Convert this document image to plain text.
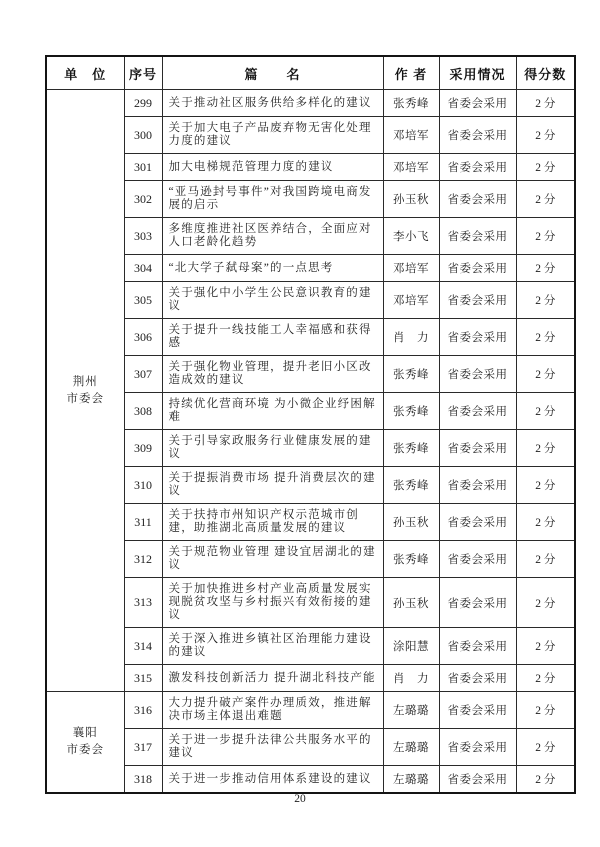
单　位	序号	篇　　名	作 者	采用情况	得分数
荆州
市委会	299	关于推动社区服务供给多样化的建议	张秀峰	省委会采用	2 分
	300	关于加大电子产品废弃物无害化处理力度的建议	邓培军	省委会采用	2 分
	301	加大电梯规范管理力度的建议	邓培军	省委会采用	2 分
	302	“亚马逊封号事件”对我国跨境电商发展的启示	孙玉秋	省委会采用	2 分
	303	多维度推进社区医养结合，全面应对人口老龄化趋势	李小飞	省委会采用	2 分
	304	“北大学子弑母案”的一点思考	邓培军	省委会采用	2 分
	305	关于强化中小学生公民意识教育的建议	邓培军	省委会采用	2 分
	306	关于提升一线技能工人幸福感和获得感	肖　力	省委会采用	2 分
	307	关于强化物业管理，提升老旧小区改造成效的建议	张秀峰	省委会采用	2 分
	308	持续优化营商环境 为小微企业纾困解难	张秀峰	省委会采用	2 分
	309	关于引导家政服务行业健康发展的建议	张秀峰	省委会采用	2 分
	310	关于提振消费市场 提升消费层次的建议	张秀峰	省委会采用	2 分
	311	关于扶持市州知识产权示范城市创建，助推湖北高质量发展的建议	孙玉秋	省委会采用	2 分
	312	关于规范物业管理 建设宜居湖北的建议	张秀峰	省委会采用	2 分
	313	关于加快推进乡村产业高质量发展实现脱贫攻坚与乡村振兴有效衔接的建议	孙玉秋	省委会采用	2 分
	314	关于深入推进乡镇社区治理能力建设的建议	涂阳慧	省委会采用	2 分
	315	激发科技创新活力 提升湖北科技产能	肖　力	省委会采用	2 分
襄阳
市委会	316	大力提升破产案件办理质效，推进解决市场主体退出难题	左璐璐	省委会采用	2 分
	317	关于进一步提升法律公共服务水平的建议	左璐璐	省委会采用	2 分
	318	关于进一步推动信用体系建设的建议	左璐璐	省委会采用	2 分
20
